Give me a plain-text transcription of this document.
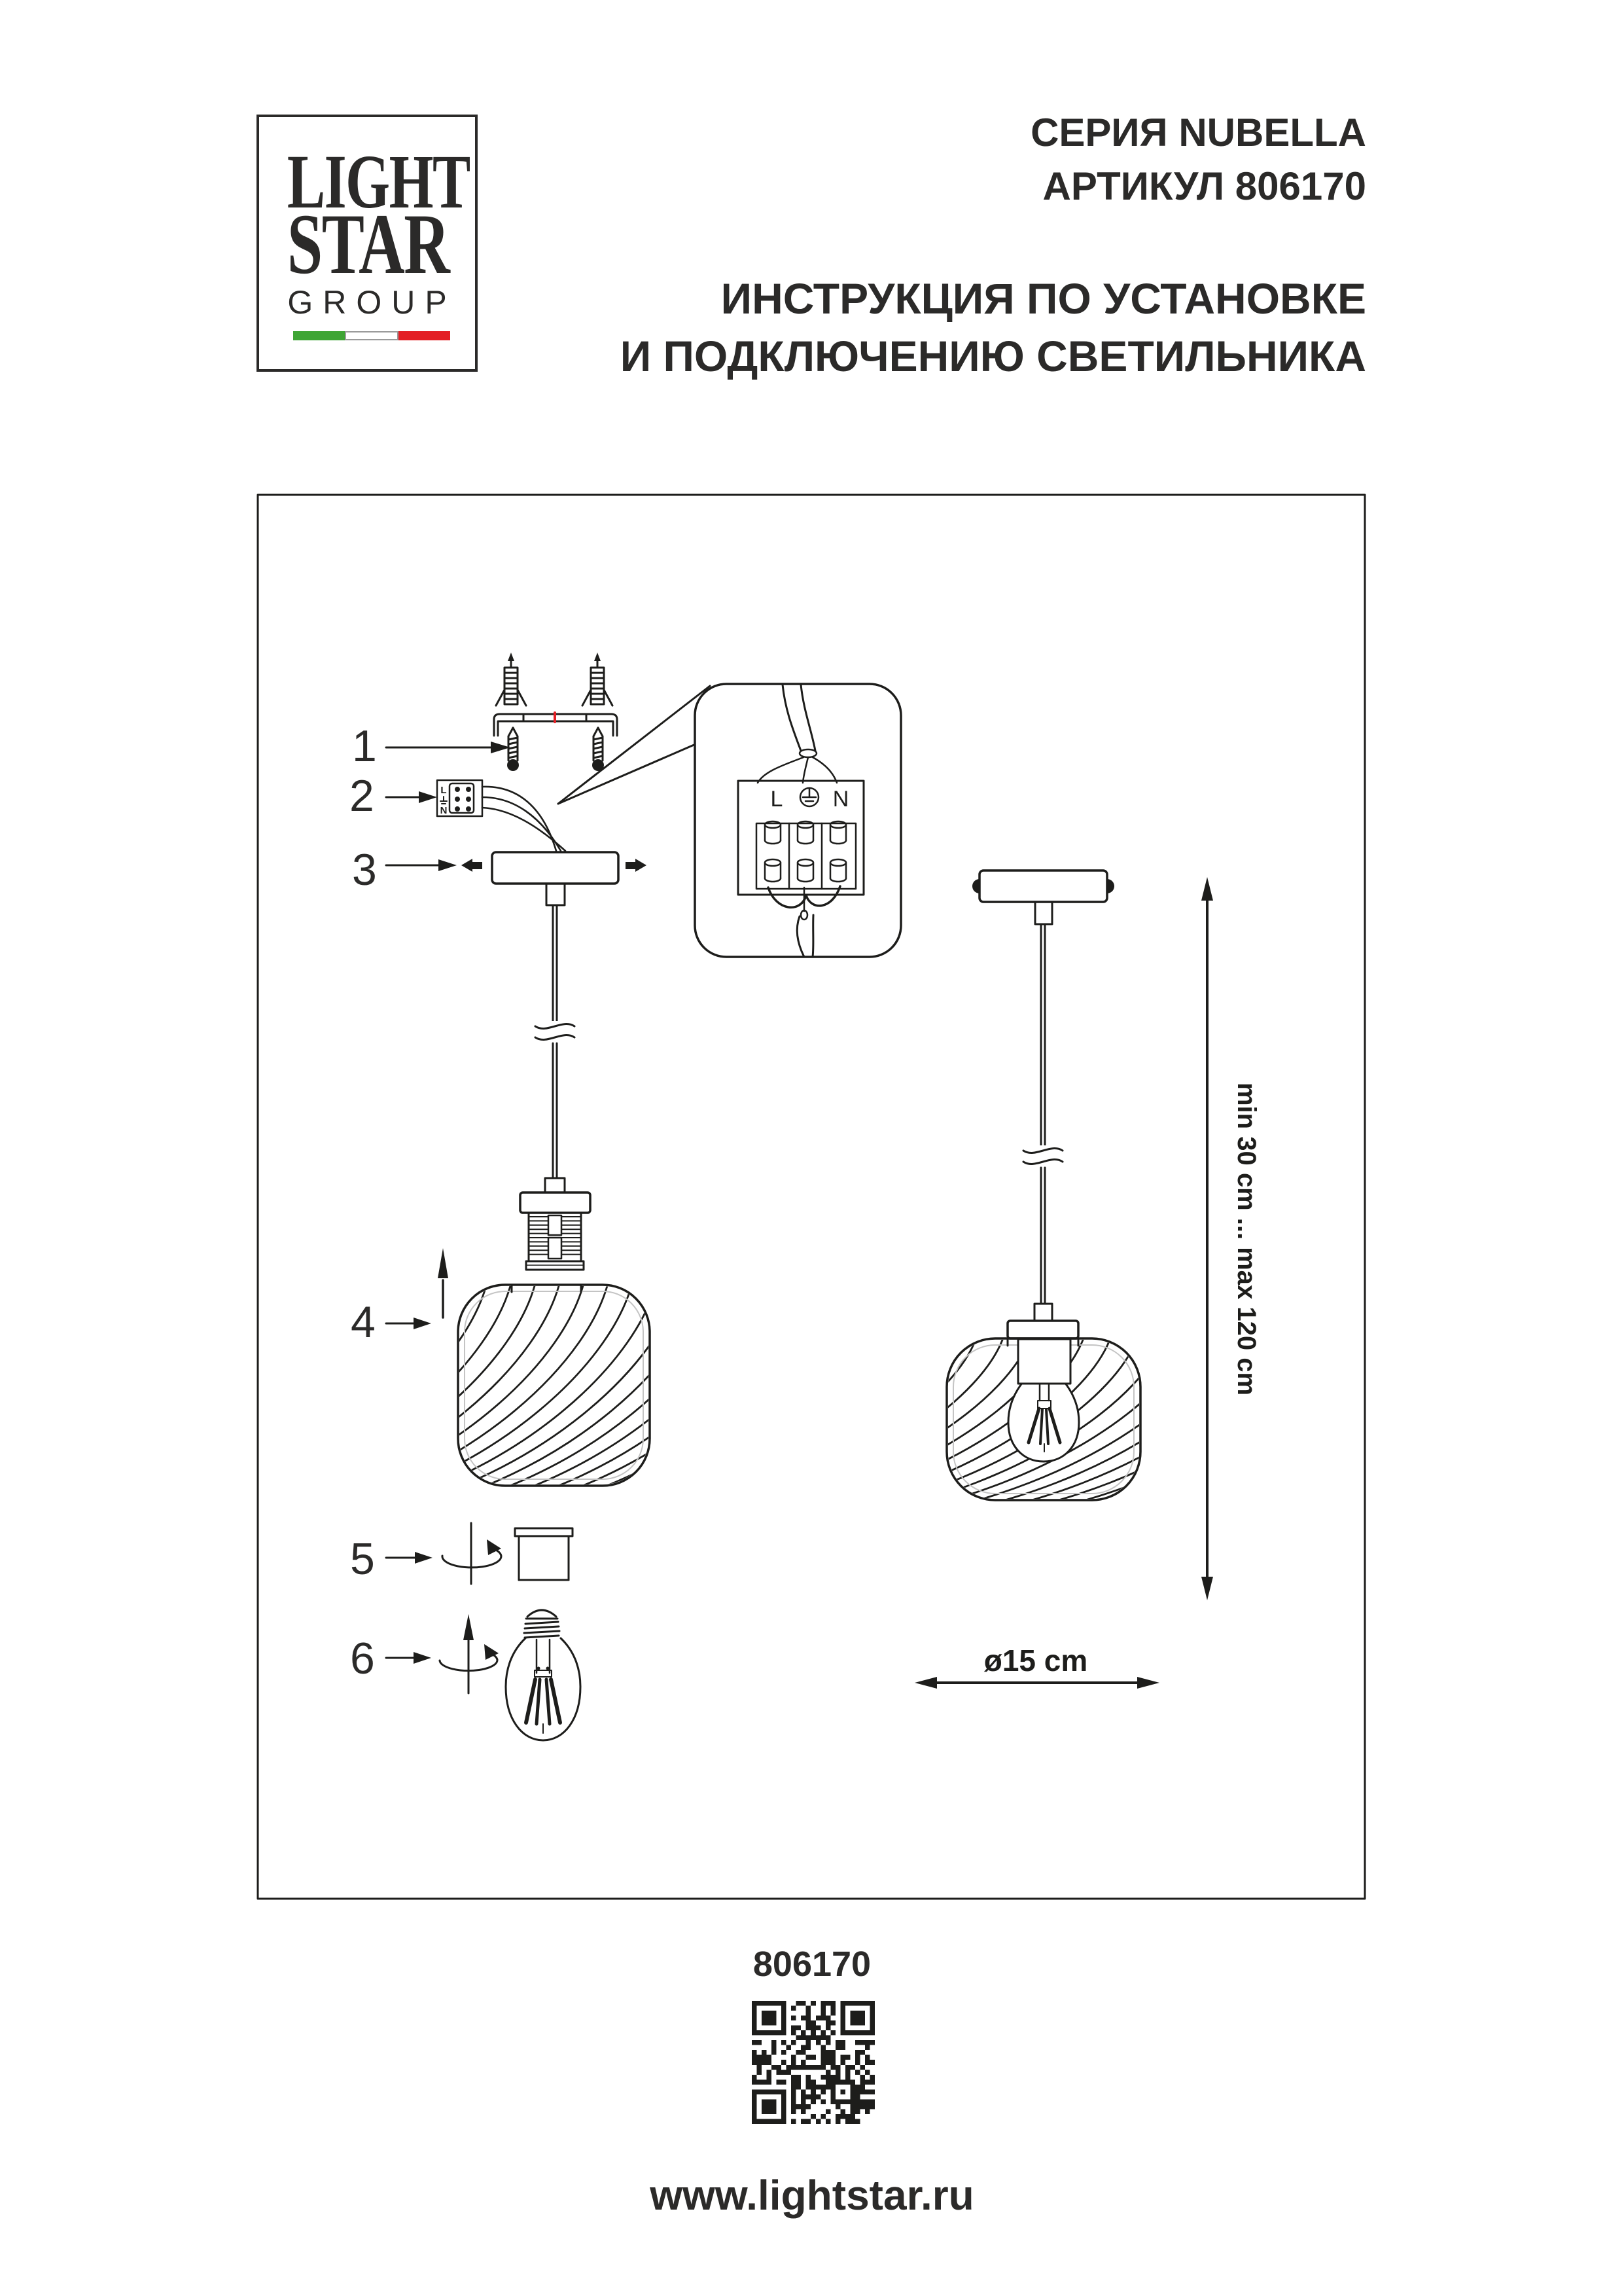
LIGHT
STAR
GROUP
СЕРИЯ NUBELLA
АРТИКУЛ 806170
ИНСТРУКЦИЯ ПО УСТАНОВКЕ
И ПОДКЛЮЧЕНИЮ СВЕТИЛЬНИКА
L
N	L N
min 30 cm ... max 120 cm
ø15 cm
1
2
3
4
5
6
806170
www.lightstar.ru
